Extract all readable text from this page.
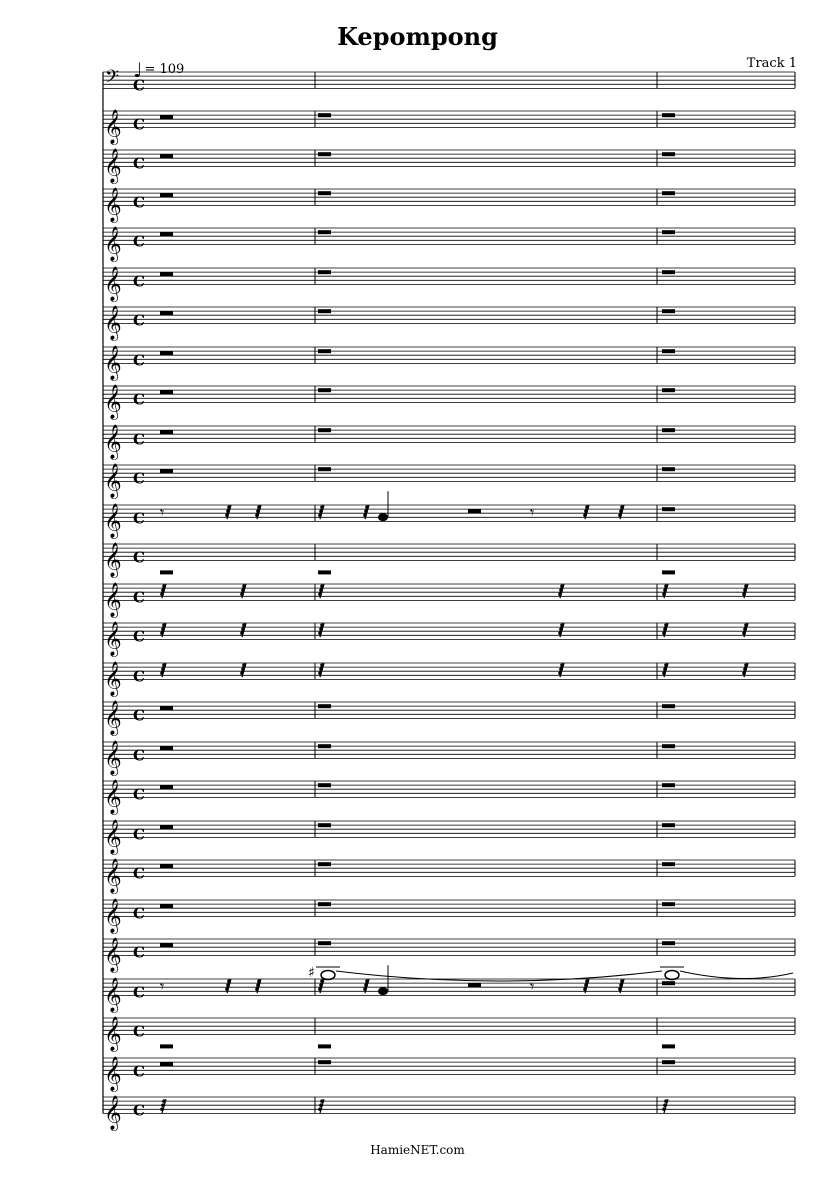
Kepompong
Track 1
♩ = 109
𝄢 C
𝄞 C
𝄞 C
𝄞 C
𝄞 C
𝄞 C
𝄞 C
𝄞 C
𝄞 C
𝄞 C
𝄞 C
𝄞 C 𝄾	𝄾
𝄞 C
𝄞 C
𝄞 C
𝄞 C
𝄞 C
𝄞 C
𝄞 C
𝄞 C
𝄞 C
𝄞 C
𝄞 C
𝄞 C 𝄾	𝄾
♯
𝄞 C
𝄞 C
𝄞 C
HamieNET.com
